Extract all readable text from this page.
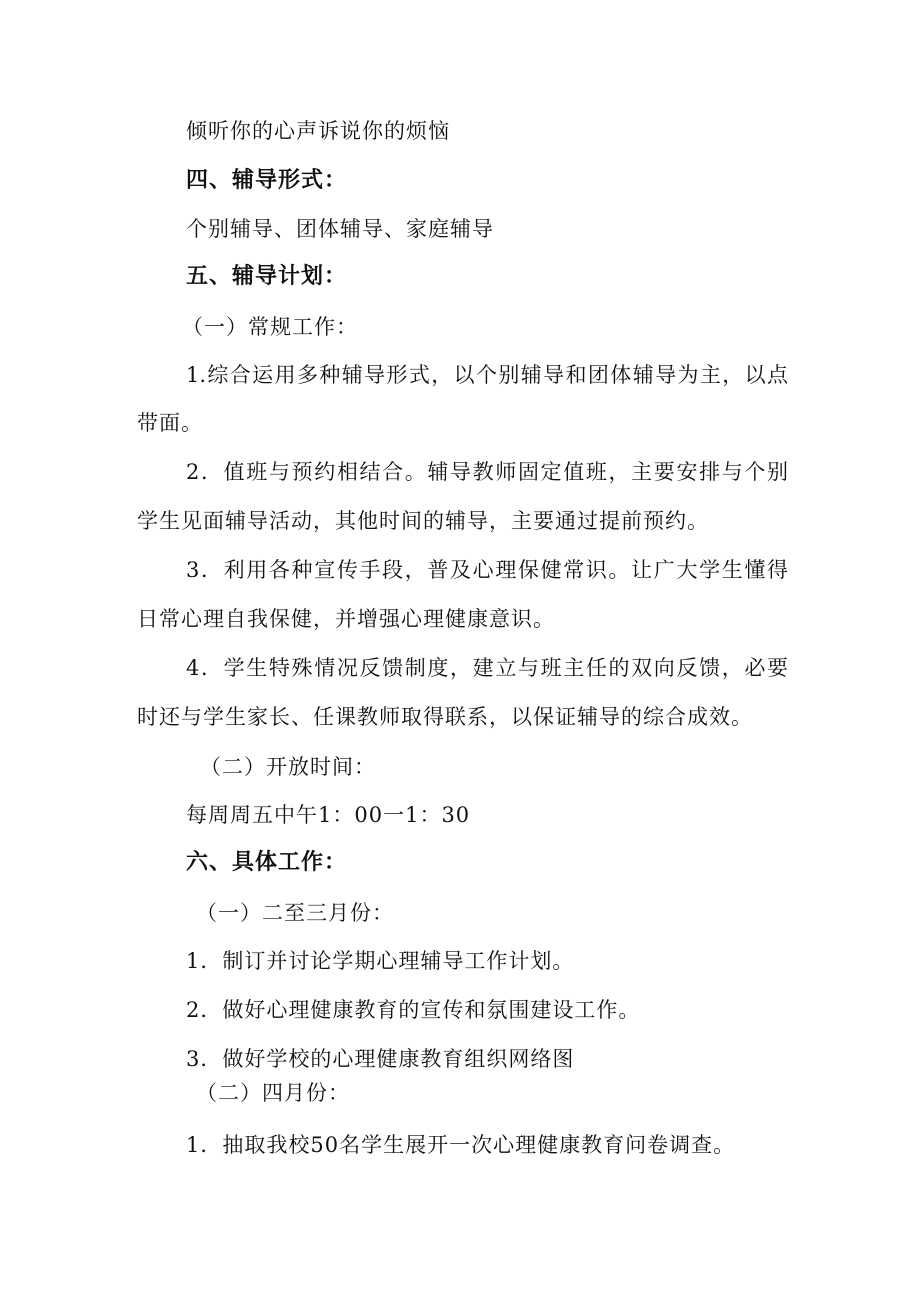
倾听你的心声诉说你的烦恼
四、辅导形式：
个别辅导、团体辅导、家庭辅导
五、辅导计划：
（一）常规工作：
1.综合运用多种辅导形式，以个别辅导和团体辅导为主，以点
带面。
2．值班与预约相结合。辅导教师固定值班，主要安排与个别
学生见面辅导活动，其他时间的辅导，主要通过提前预约。
3．利用各种宣传手段，普及心理保健常识。让广大学生懂得
日常心理自我保健，并增强心理健康意识。
4．学生特殊情况反馈制度，建立与班主任的双向反馈，必要
时还与学生家长、任课教师取得联系，以保证辅导的综合成效。
（二）开放时间：
每周周五中午1：00一1：30
六、具体工作：
（一）二至三月份：
1．制订并讨论学期心理辅导工作计划。
2．做好心理健康教育的宣传和氛围建设工作。
3．做好学校的心理健康教育组织网络图
（二）四月份：
1．抽取我校50名学生展开一次心理健康教育问卷调查。
